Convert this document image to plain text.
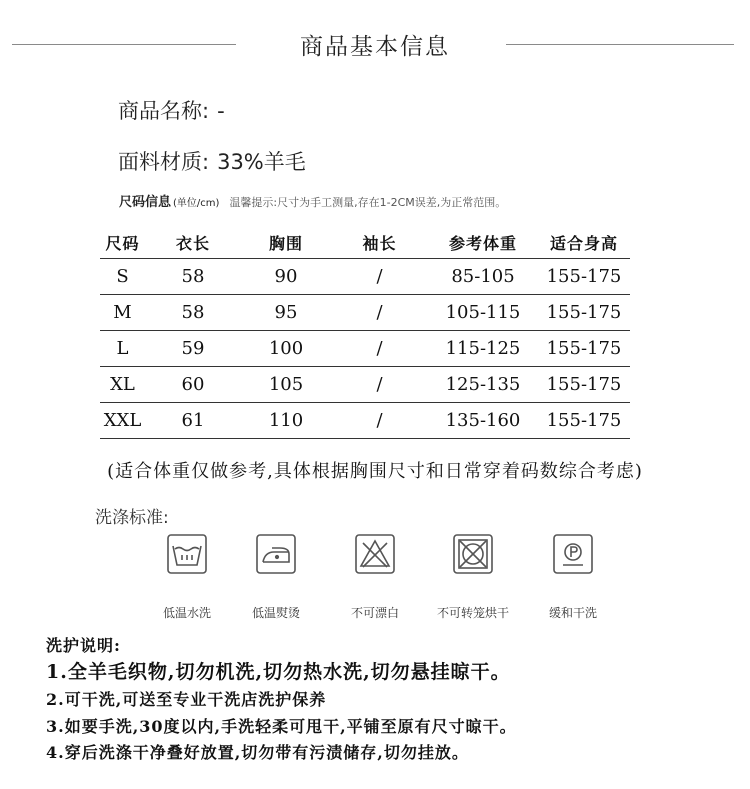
商品基本信息
商品名称: -
面料材质: 33%羊毛
尺码信息 (单位/cm) 温馨提示:尺寸为手工测量,存在1-2CM误差,为正常范围。
尺码	衣长	胸围	袖长	参考体重	适合身高
S	58	90	/	85-105	155-175
M	58	95	/	105-115	155-175
L	59	100	/	115-125	155-175
XL	60	105	/	125-135	155-175
XXL	61	110	/	135-160	155-175
(适合体重仅做参考,具体根据胸围尺寸和日常穿着码数综合考虑)
洗涤标准:
低温水洗	低温熨烫	不可漂白	不可转笼烘干	缓和干洗
洗护说明:
1.全羊毛织物,切勿机洗,切勿热水洗,切勿悬挂晾干。
2.可干洗,可送至专业干洗店洗护保养
3.如要手洗,30度以内,手洗轻柔可甩干,平铺至原有尺寸晾干。
4.穿后洗涤干净叠好放置,切勿带有污渍储存,切勿挂放。
